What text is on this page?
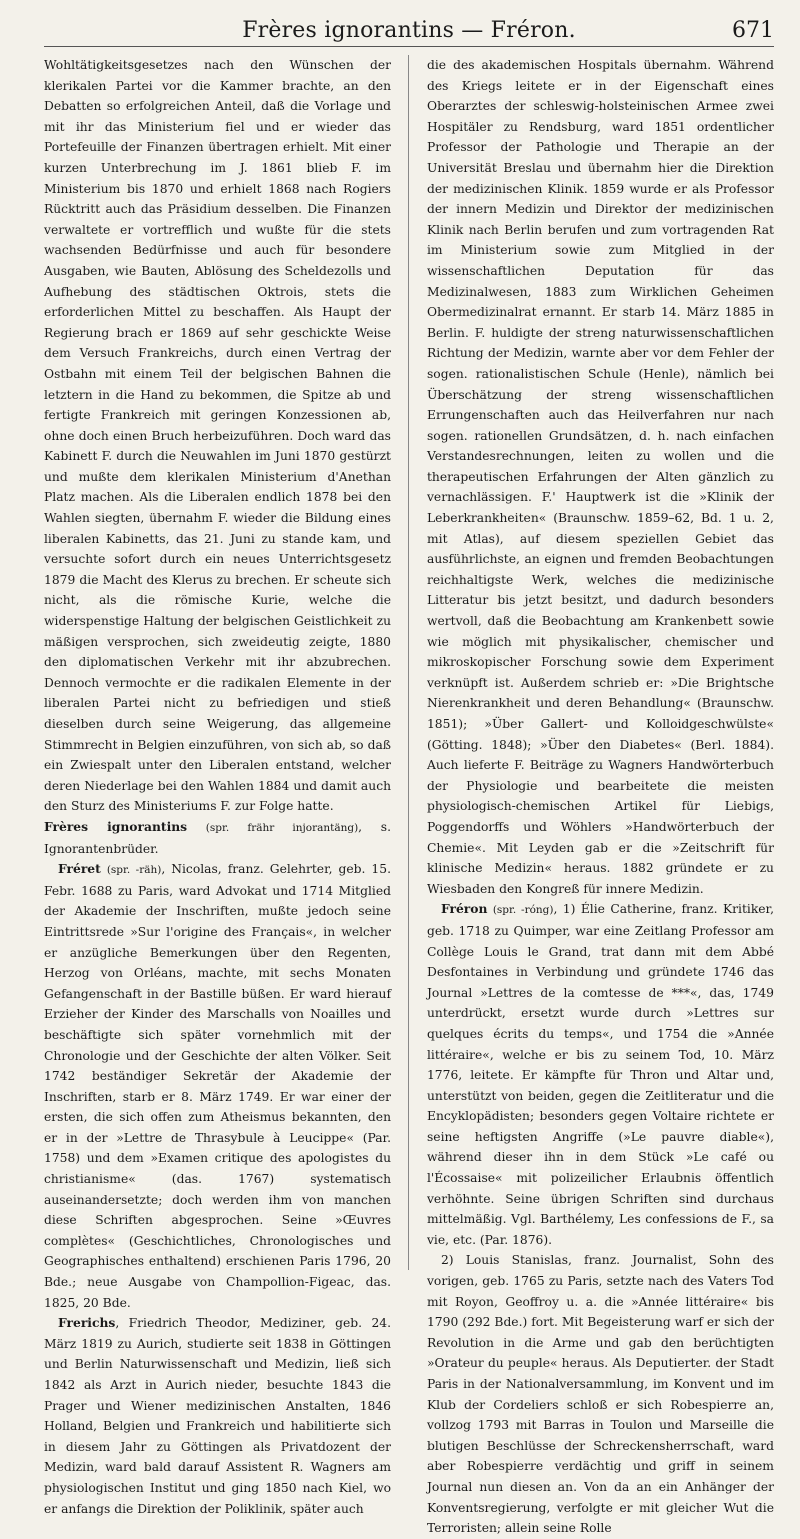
Frères ignorantins — Fréron.	671

Wohltätigkeitsgesetzes nach den Wünschen der klerikalen Partei vor die Kammer brachte, an den Debatten so erfolgreichen Anteil, daß die Vorlage und mit ihr das Ministerium fiel und er wieder das Portefeuille der Finanzen übertragen erhielt. Mit einer kurzen Unterbrechung im J. 1861 blieb F. im Ministerium bis 1870 und erhielt 1868 nach Rogiers Rücktritt auch das Präsidium desselben. Die Finanzen verwaltete er vortrefflich und wußte für die stets wachsenden Bedürfnisse und auch für besondere Ausgaben, wie Bauten, Ablösung des Scheldezolls und Aufhebung des städtischen Oktrois, stets die erforderlichen Mittel zu beschaffen. Als Haupt der Regierung brach er 1869 auf sehr geschickte Weise dem Versuch Frankreichs, durch einen Vertrag der Ostbahn mit einem Teil der belgischen Bahnen die letztern in die Hand zu bekommen, die Spitze ab und fertigte Frankreich mit geringen Konzessionen ab, ohne doch einen Bruch herbeizuführen. Doch ward das Kabinett F. durch die Neuwahlen im Juni 1870 gestürzt und mußte dem klerikalen Ministerium d'Anethan Platz machen. Als die Liberalen endlich 1878 bei den Wahlen siegten, übernahm F. wieder die Bildung eines liberalen Kabinetts, das 21. Juni zu stande kam, und versuchte sofort durch ein neues Unterrichtsgesetz 1879 die Macht des Klerus zu brechen. Er scheute sich nicht, als die römische Kurie, welche die widerspenstige Haltung der belgischen Geistlichkeit zu mäßigen versprochen, sich zweideutig zeigte, 1880 den diplomatischen Verkehr mit ihr abzubrechen. Dennoch vermochte er die radikalen Elemente in der liberalen Partei nicht zu befriedigen und stieß dieselben durch seine Weigerung, das allgemeine Stimmrecht in Belgien einzuführen, von sich ab, so daß ein Zwiespalt unter den Liberalen entstand, welcher deren Niederlage bei den Wahlen 1884 und damit auch den Sturz des Ministeriums F. zur Folge hatte.

Frères ignorantins (spr. frähr injorantäng), s. Ignorantenbrüder.

Fréret (spr. -räh), Nicolas, franz. Gelehrter, geb. 15. Febr. 1688 zu Paris, ward Advokat und 1714 Mitglied der Akademie der Inschriften, mußte jedoch seine Eintrittsrede »Sur l'origine des Français«, in welcher er anzügliche Bemerkungen über den Regenten, Herzog von Orléans, machte, mit sechs Monaten Gefangenschaft in der Bastille büßen. Er ward hierauf Erzieher der Kinder des Marschalls von Noailles und beschäftigte sich später vornehmlich mit der Chronologie und der Geschichte der alten Völker. Seit 1742 beständiger Sekretär der Akademie der Inschriften, starb er 8. März 1749. Er war einer der ersten, die sich offen zum Atheismus bekannten, den er in der »Lettre de Thrasybule à Leucippe« (Par. 1758) und dem »Examen critique des apologistes du christianisme« (das. 1767) systematisch auseinandersetzte; doch werden ihm von manchen diese Schriften abgesprochen. Seine »Œuvres complètes« (Geschichtliches, Chronologisches und Geographisches enthaltend) erschienen Paris 1796, 20 Bde.; neue Ausgabe von Champollion-Figeac, das. 1825, 20 Bde.

Frerichs, Friedrich Theodor, Mediziner, geb. 24. März 1819 zu Aurich, studierte seit 1838 in Göttingen und Berlin Naturwissenschaft und Medizin, ließ sich 1842 als Arzt in Aurich nieder, besuchte 1843 die Prager und Wiener medizinischen Anstalten, 1846 Holland, Belgien und Frankreich und habilitierte sich in diesem Jahr zu Göttingen als Privatdozent der Medizin, ward bald darauf Assistent R. Wagners am physiologischen Institut und ging 1850 nach Kiel, wo er anfangs die Direktion der Poliklinik, später auch

die des akademischen Hospitals übernahm. Während des Kriegs leitete er in der Eigenschaft eines Oberarztes der schleswig-holsteinischen Armee zwei Hospitäler zu Rendsburg, ward 1851 ordentlicher Professor der Pathologie und Therapie an der Universität Breslau und übernahm hier die Direktion der medizinischen Klinik. 1859 wurde er als Professor der innern Medizin und Direktor der medizinischen Klinik nach Berlin berufen und zum vortragenden Rat im Ministerium sowie zum Mitglied in der wissenschaftlichen Deputation für das Medizinalwesen, 1883 zum Wirklichen Geheimen Obermedizinalrat ernannt. Er starb 14. März 1885 in Berlin. F. huldigte der streng naturwissenschaftlichen Richtung der Medizin, warnte aber vor dem Fehler der sogen. rationalistischen Schule (Henle), nämlich bei Überschätzung der streng wissenschaftlichen Errungenschaften auch das Heilverfahren nur nach sogen. rationellen Grundsätzen, d. h. nach einfachen Verstandesrechnungen, leiten zu wollen und die therapeutischen Erfahrungen der Alten gänzlich zu vernachlässigen. F.' Hauptwerk ist die »Klinik der Leberkrankheiten« (Braunschw. 1859–62, Bd. 1 u. 2, mit Atlas), auf diesem speziellen Gebiet das ausführlichste, an eignen und fremden Beobachtungen reichhaltigste Werk, welches die medizinische Litteratur bis jetzt besitzt, und dadurch besonders wertvoll, daß die Beobachtung am Krankenbett sowie wie möglich mit physikalischer, chemischer und mikroskopischer Forschung sowie dem Experiment verknüpft ist. Außerdem schrieb er: »Die Brightsche Nierenkrankheit und deren Behandlung« (Braunschw. 1851); »Über Gallert- und Kolloidgeschwülste« (Götting. 1848); »Über den Diabetes« (Berl. 1884). Auch lieferte F. Beiträge zu Wagners Handwörterbuch der Physiologie und bearbeitete die meisten physiologisch-chemischen Artikel für Liebigs, Poggendorffs und Wöhlers »Handwörterbuch der Chemie«. Mit Leyden gab er die »Zeitschrift für klinische Medizin« heraus. 1882 gründete er zu Wiesbaden den Kongreß für innere Medizin.

Fréron (spr. -róng), 1) Élie Catherine, franz. Kritiker, geb. 1718 zu Quimper, war eine Zeitlang Professor am Collège Louis le Grand, trat dann mit dem Abbé Desfontaines in Verbindung und gründete 1746 das Journal »Lettres de la comtesse de ***«, das, 1749 unterdrückt, ersetzt wurde durch »Lettres sur quelques écrits du temps«, und 1754 die »Année littéraire«, welche er bis zu seinem Tod, 10. März 1776, leitete. Er kämpfte für Thron und Altar und, unterstützt von beiden, gegen die Zeitliteratur und die Encyklopädisten; besonders gegen Voltaire richtete er seine heftigsten Angriffe (»Le pauvre diable«), während dieser ihn in dem Stück »Le café ou l'Écossaise« mit polizeilicher Erlaubnis öffentlich verhöhnte. Seine übrigen Schriften sind durchaus mittelmäßig. Vgl. Barthélemy, Les confessions de F., sa vie, etc. (Par. 1876).

2) Louis Stanislas, franz. Journalist, Sohn des vorigen, geb. 1765 zu Paris, setzte nach des Vaters Tod mit Royon, Geoffroy u. a. die »Année littéraire« bis 1790 (292 Bde.) fort. Mit Begeisterung warf er sich der Revolution in die Arme und gab den berüchtigten »Orateur du peuple« heraus. Als Deputierter. der Stadt Paris in der Nationalversammlung, im Konvent und im Klub der Cordeliers schloß er sich Robespierre an, vollzog 1793 mit Barras in Toulon und Marseille die blutigen Beschlüsse der Schreckensherrschaft, ward aber Robespierre verdächtig und griff in seinem Journal nun diesen an. Von da an ein Anhänger der Konventsregierung, verfolgte er mit gleicher Wut die Terroristen; allein seine Rolle
